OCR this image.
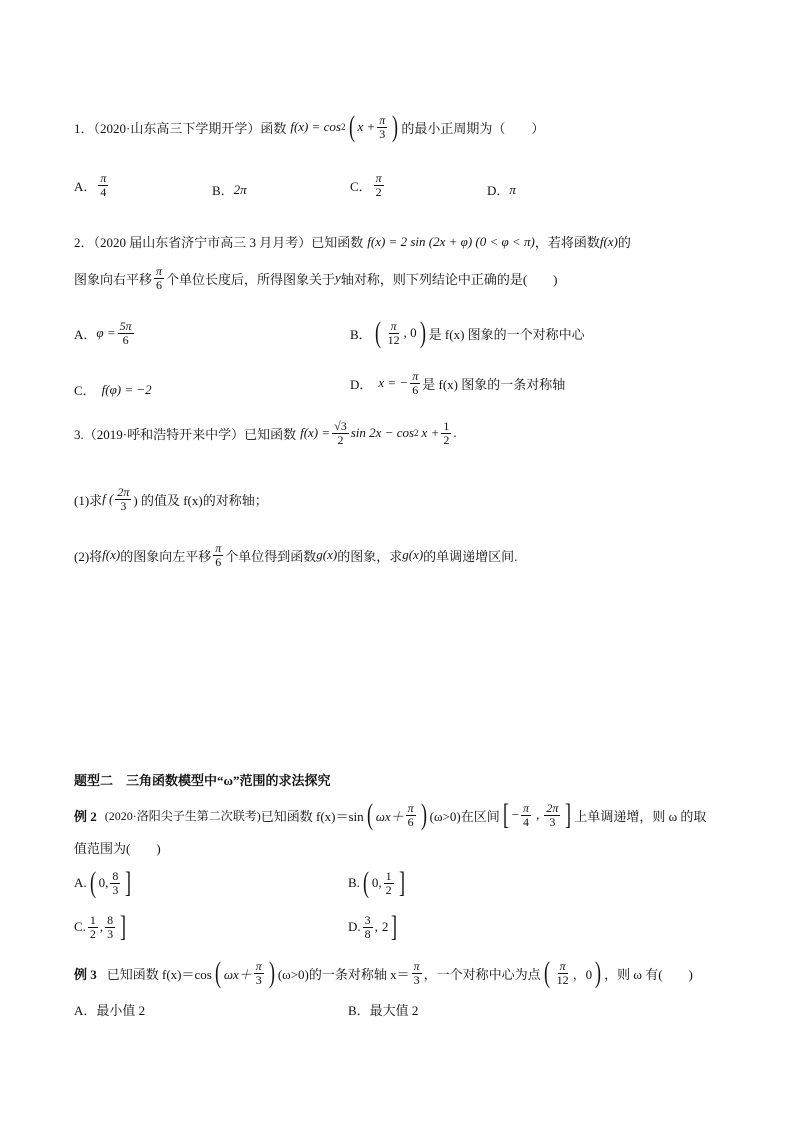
1．（2020·山东高三下学期开学）函数 f(x) = cos 2 ( $x + \frac{\pi}{3}$ ) 的最小正周期为（　　）
A． $\frac{\pi}{4}$	B． 2π	C． $\frac{\pi}{2}$	D． π
2．（2020 届山东省济宁市高三 3 月月考）已知函数 f(x) = 2 sin (2x + φ) (0 < φ < π) ，若将函数 f(x) 的
图象向右平移 $\frac{\pi}{6}$ 个单位长度后，所得图象关于 y 轴对称，则下列结论中正确的是(　　)
A． $\varphi = \frac{5\pi}{6}$	B． ( $\frac{\pi}{12}$ , 0 ) 是 f(x) 图象的一个对称中心
C． f(φ) = −2	D． x = − $\frac{\pi}{6}$ 是 f(x) 图象的一条对称轴
3.（2019·呼和浩特开来中学）已知函数 $f(x) = \frac{√3}{2}$ sin 2x − cos 2 $x + \frac{1}{2}$ .
(1)求 f ( $\frac{2\pi}{3}$ ) 的值及 f(x)的对称轴；
(2)将 f(x) 的图象向左平移 $\frac{\pi}{6}$ 个单位得到函数 g(x) 的图象，求 g(x) 的单调递增区间.
题型二　三角函数模型中“ω”范围的求法探究
例 2 (2020·洛阳尖子生第二次联考) 已知函数 f(x)＝sin ( $\omega x+ \frac{\pi}{6}$ ) (ω>0)在区间 [ − $\frac{\pi}{4}$ , $\frac{2\pi}{3}$ ] 上单调递增，则 ω 的取
值范围为(　　)
A. ( 0, $\frac{8}{3}$ ]	B. ( 0, $\frac{1}{2}$ ]
C. $\frac{1}{2}$ , $\frac{8}{3}$ ]	D. $\frac{3}{8}$ , 2 ]
例 3 已知函数 f(x)＝cos ( $\omega x+ \frac{\pi}{3}$ ) (ω>0)的一条对称轴 $x= \frac{\pi}{3}$ ，一个对称中心为点 ( $\frac{\pi}{12}$ ，0 ) ，则 ω 有(　　)
A．最小值 2	B．最大值 2
